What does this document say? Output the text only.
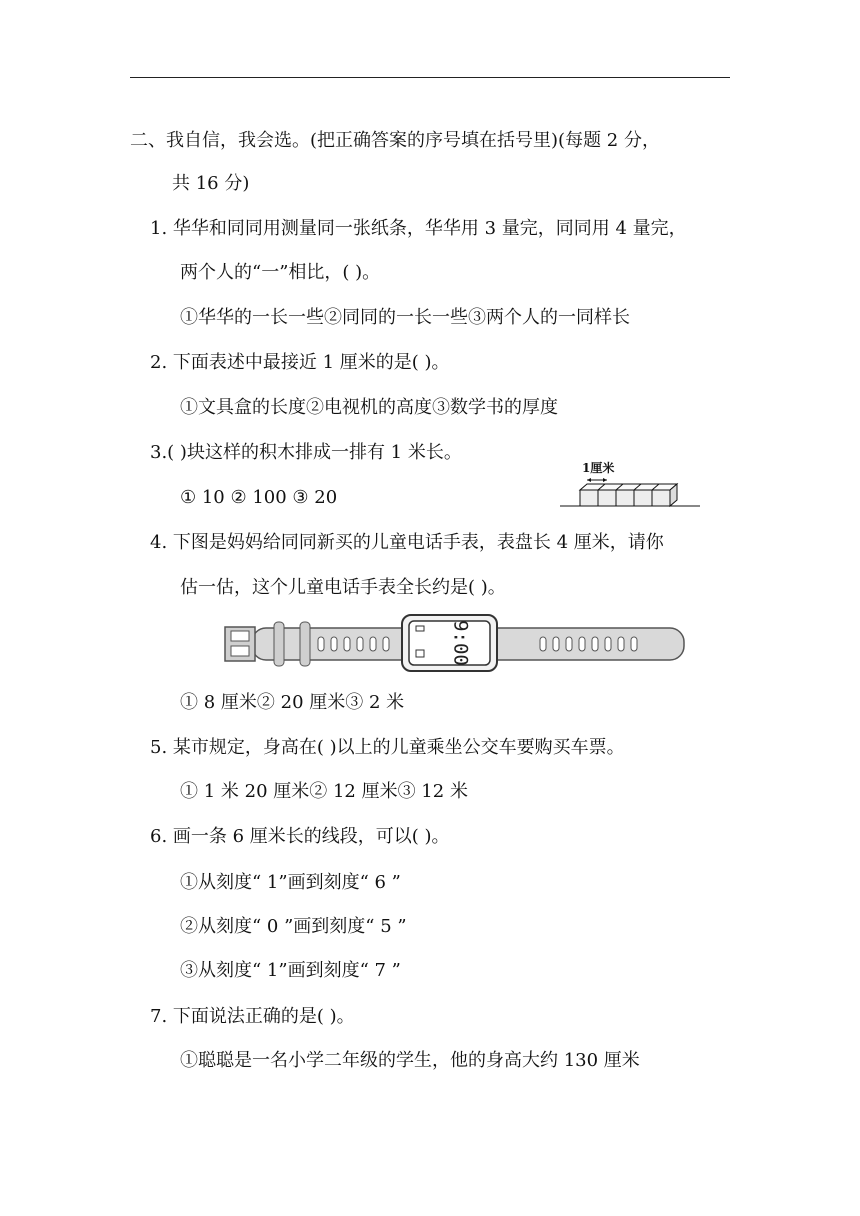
二、我自信，我会选。(把正确答案的序号填在括号里)(每题 2 分，
共 16 分)
1. 华华和同同用测量同一张纸条，华华用 3 量完，同同用 4 量完，
两个人的“一”相比，( )。
①华华的一长一些②同同的一长一些③两个人的一同样长
2. 下面表述中最接近 1 厘米的是( )。
①文具盒的长度②电视机的高度③数学书的厚度
3.( )块这样的积木排成一排有 1 米长。
① 10 ② 100 ③ 20
1厘米
4. 下图是妈妈给同同新买的儿童电话手表，表盘长 4 厘米，请你
估一估，这个儿童电话手表全长约是( )。
9:00
① 8 厘米② 20 厘米③ 2 米
5. 某市规定，身高在( )以上的儿童乘坐公交车要购买车票。
① 1 米 20 厘米② 12 厘米③ 12 米
6. 画一条 6 厘米长的线段，可以( )。
①从刻度“ 1”画到刻度“ 6 ”
②从刻度“ 0 ”画到刻度“ 5 ”
③从刻度“ 1”画到刻度“ 7 ”
7. 下面说法正确的是( )。
①聪聪是一名小学二年级的学生，他的身高大约 130 厘米
